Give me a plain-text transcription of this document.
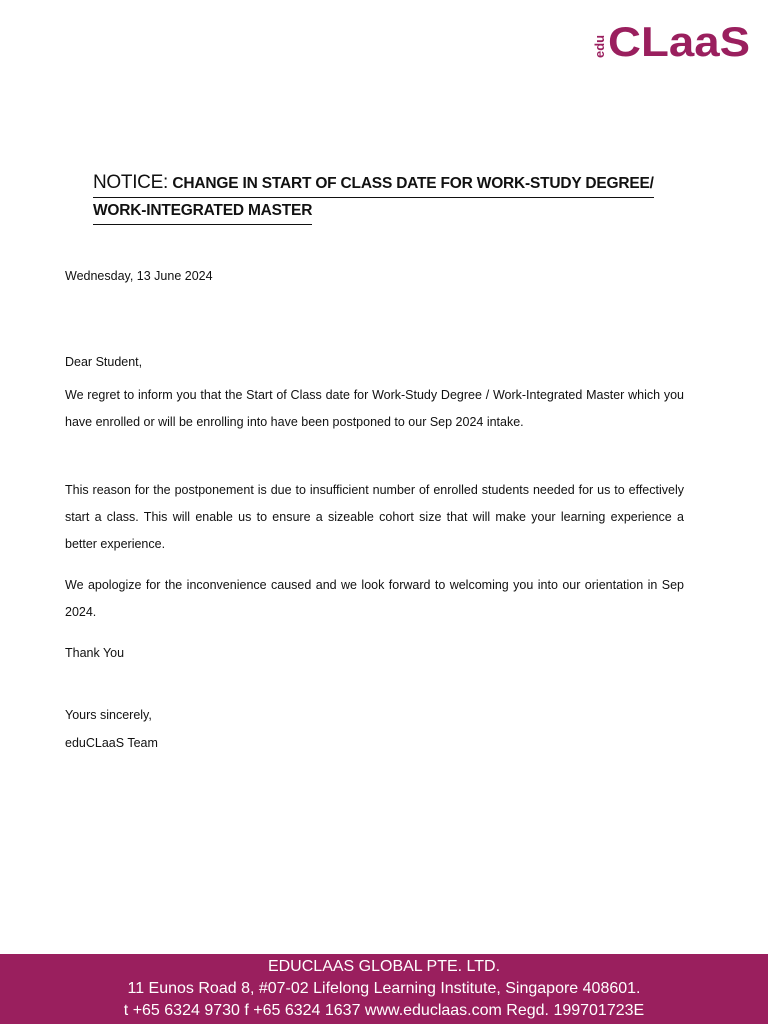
edu CLaaS
NOTICE: CHANGE IN START OF CLASS DATE FOR WORK-STUDY DEGREE/
WORK-INTEGRATED MASTER

Wednesday, 13 June 2024

Dear Student,

We regret to inform you that the Start of Class date for Work-Study Degree / Work-Integrated Master which you have enrolled or will be enrolling into have been postponed to our Sep 2024 intake.

This reason for the postponement is due to insufficient number of enrolled students needed for us to effectively start a class. This will enable us to ensure a sizeable cohort size that will make your learning experience a better experience.

We apologize for the inconvenience caused and we look forward to welcoming you into our orientation in Sep 2024.

Thank You

Yours sincerely,

eduCLaaS Team

EDUCLAAS GLOBAL PTE. LTD.
11 Eunos Road 8, #07-02 Lifelong Learning Institute, Singapore 408601.
t +65 6324 9730 f +65 6324 1637 www.educlaas.com Regd. 199701723E
